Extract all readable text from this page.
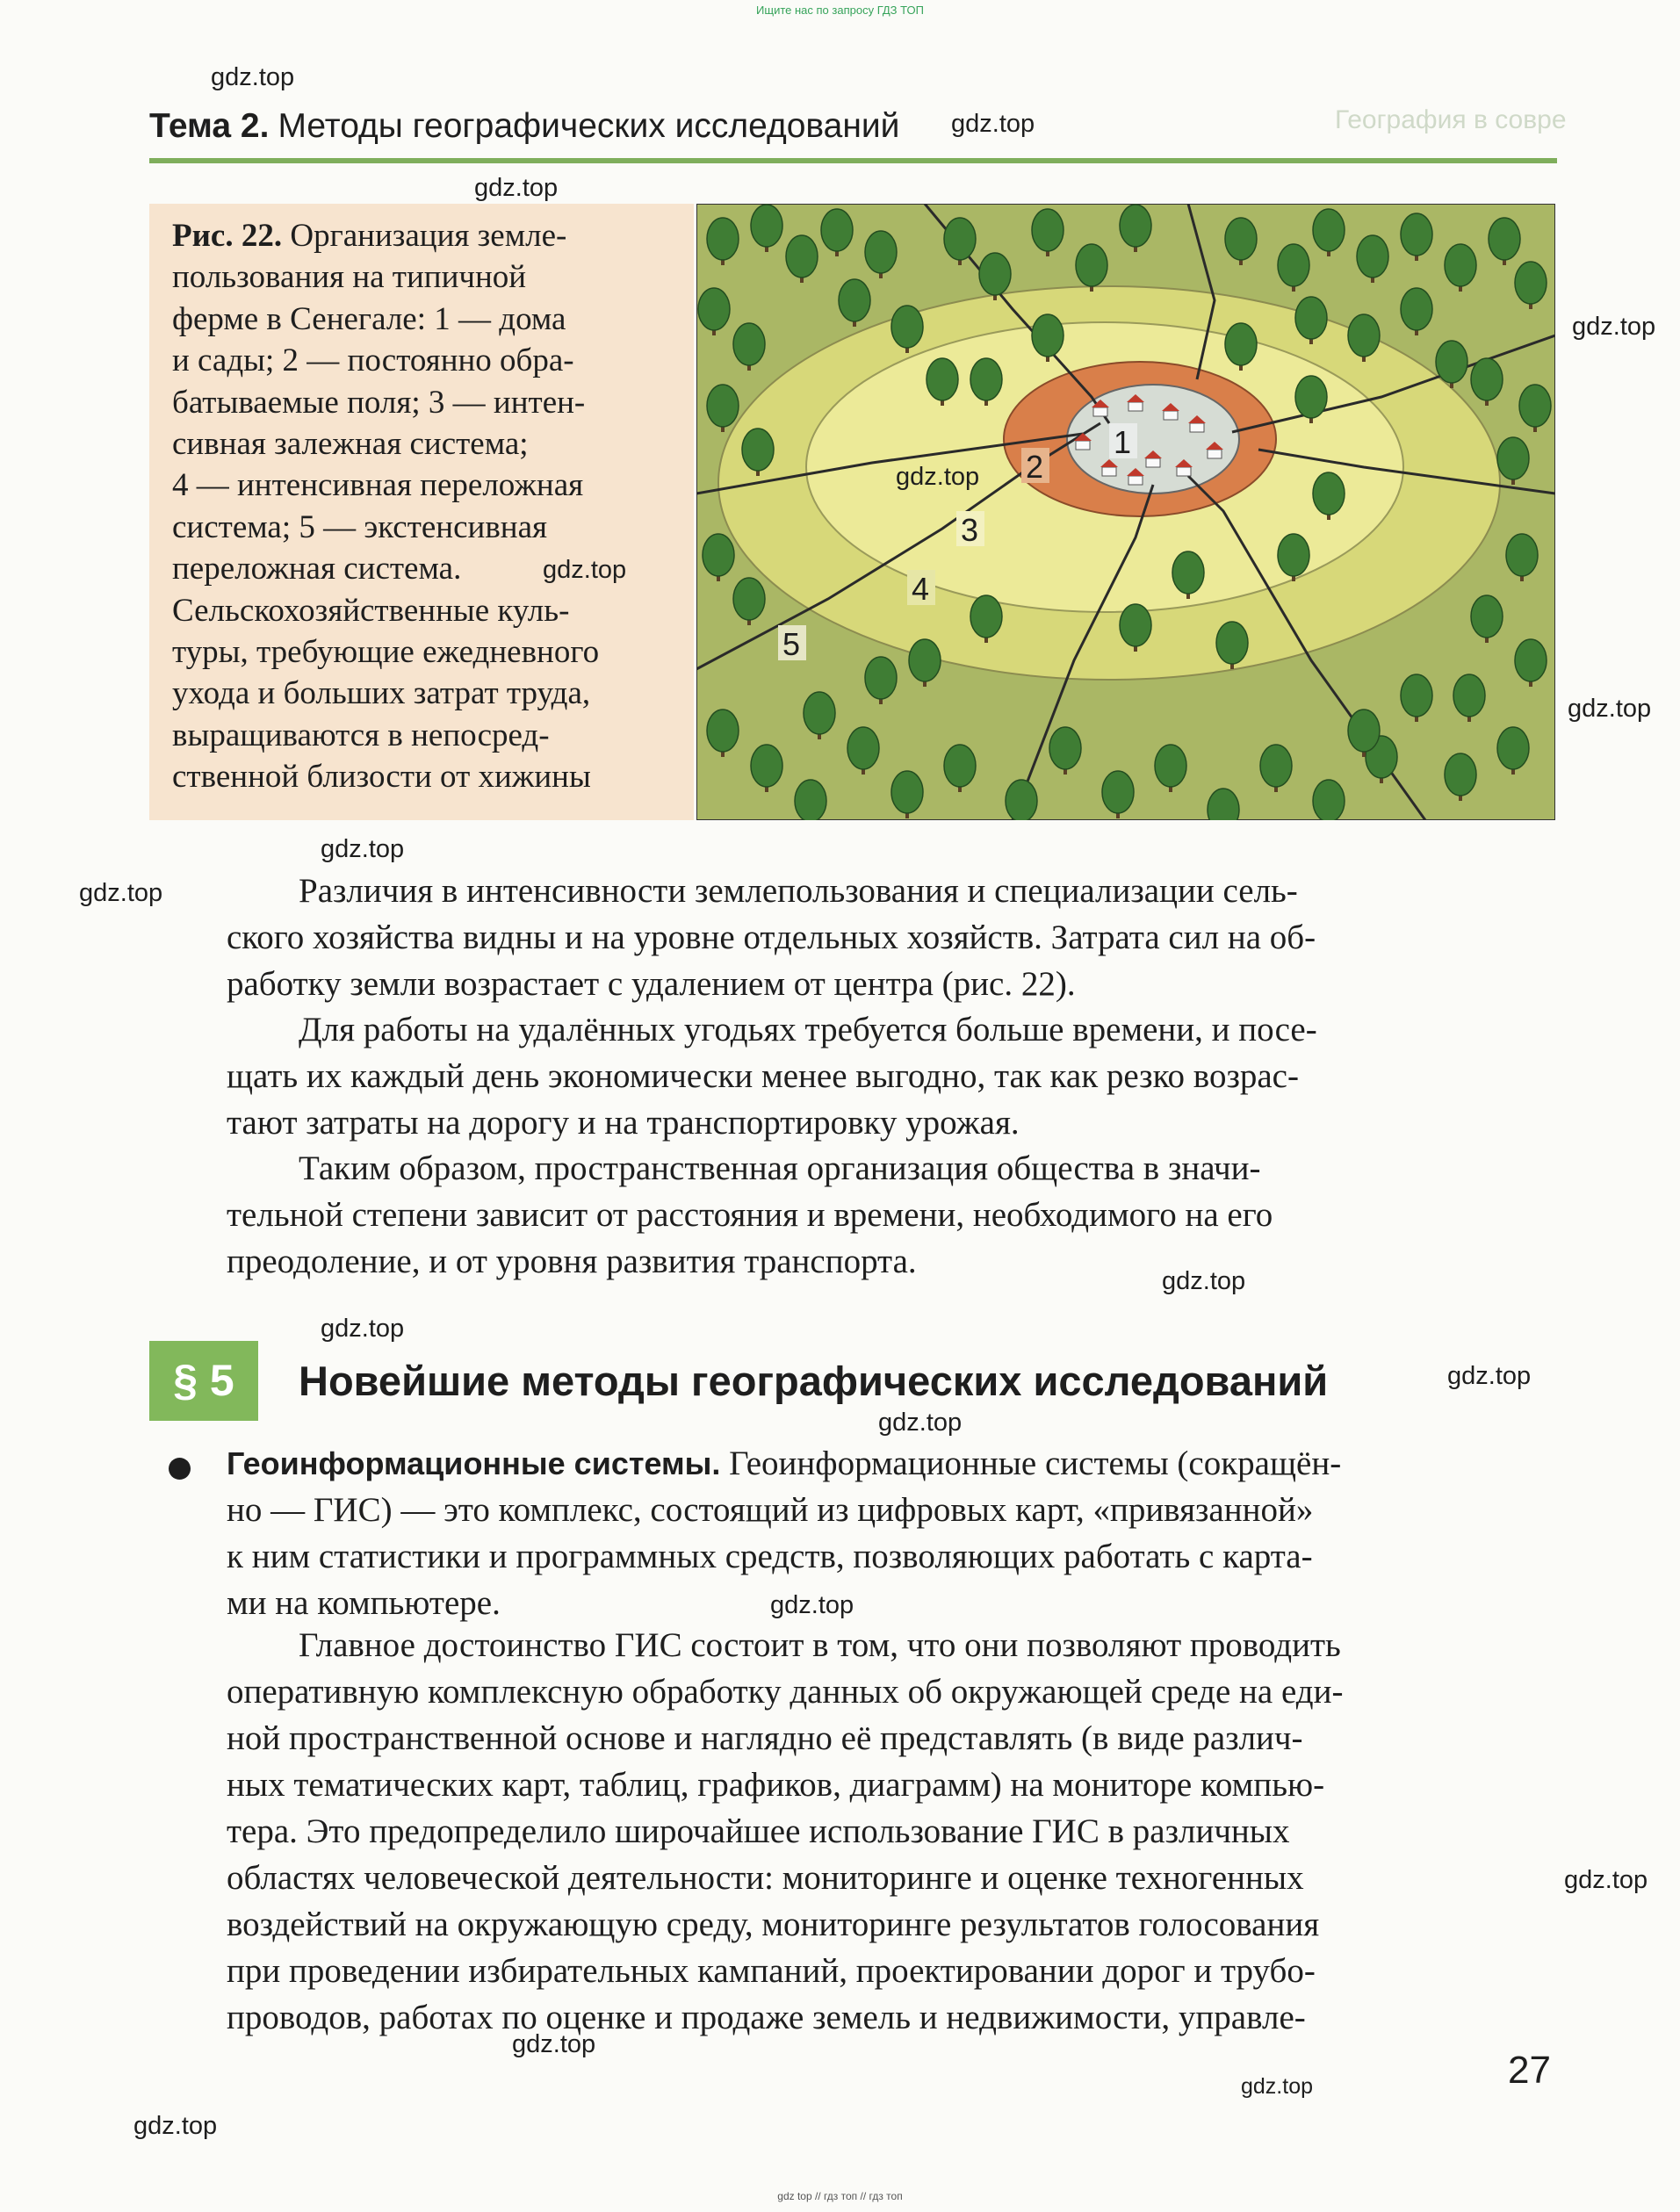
Ищите нас по запросу ГДЗ ТОП
География в совре
Тема 2. Методы географических исследований
Рис. 22. Организация земле-
пользования на типичной
ферме в Сенегале: 1 — дома
и сады; 2 — постоянно обра-
батываемые поля; 3 — интен-
сивная залежная система;
4 — интенсивная переложная
система; 5 — экстенсивная
переложная система.
Сельскохозяйственные куль-
туры, требующие ежедневного
ухода и больших затрат труда,
выращиваются в непосред-
ственной близости от хижины
1
2
3
4
5
Различия в интенсивности землепользования и специализации сель-
ского хозяйства видны и на уровне отдельных хозяйств. Затрата сил на об-
работку земли возрастает с удалением от центра (рис. 22).
Для работы на удалённых угодьях требуется больше времени, и посе-
щать их каждый день экономически менее выгодно, так как резко возрас-
тают затраты на дорогу и на транспортировку урожая.
Таким образом, пространственная организация общества в значи-
тельной степени зависит от расстояния и времени, необходимого на его
преодоление, и от уровня развития транспорта.
§ 5	Новейшие методы географических исследований
Геоинформационные системы. Геоинформационные системы (сокращён-
но — ГИС) — это комплекс, состоящий из цифровых карт, «привязанной»
к ним статистики и программных средств, позволяющих работать с карта-
ми на компьютере.
Главное достоинство ГИС состоит в том, что они позволяют проводить
оперативную комплексную обработку данных об окружающей среде на еди-
ной пространственной основе и наглядно её представлять (в виде различ-
ных тематических карт, таблиц, графиков, диаграмм) на мониторе компью-
тера. Это предопределило широчайшее использование ГИС в различных
областях человеческой деятельности: мониторинге и оценке техногенных
воздействий на окружающую среду, мониторинге результатов голосования
при проведении избирательных кампаний, проектировании дорог и трубо-
проводов, работах по оценке и продаже земель и недвижимости, управле-
27
gdz.top
gdz.top
gdz.top
gdz.top
gdz.top
gdz.top
gdz.top
gdz.top
gdz.top
gdz.top
gdz.top
gdz.top
gdz.top
gdz.top
gdz.top
gdz.top
gdz.top
gdz.top
gdz top // гдз топ // гдз топ
